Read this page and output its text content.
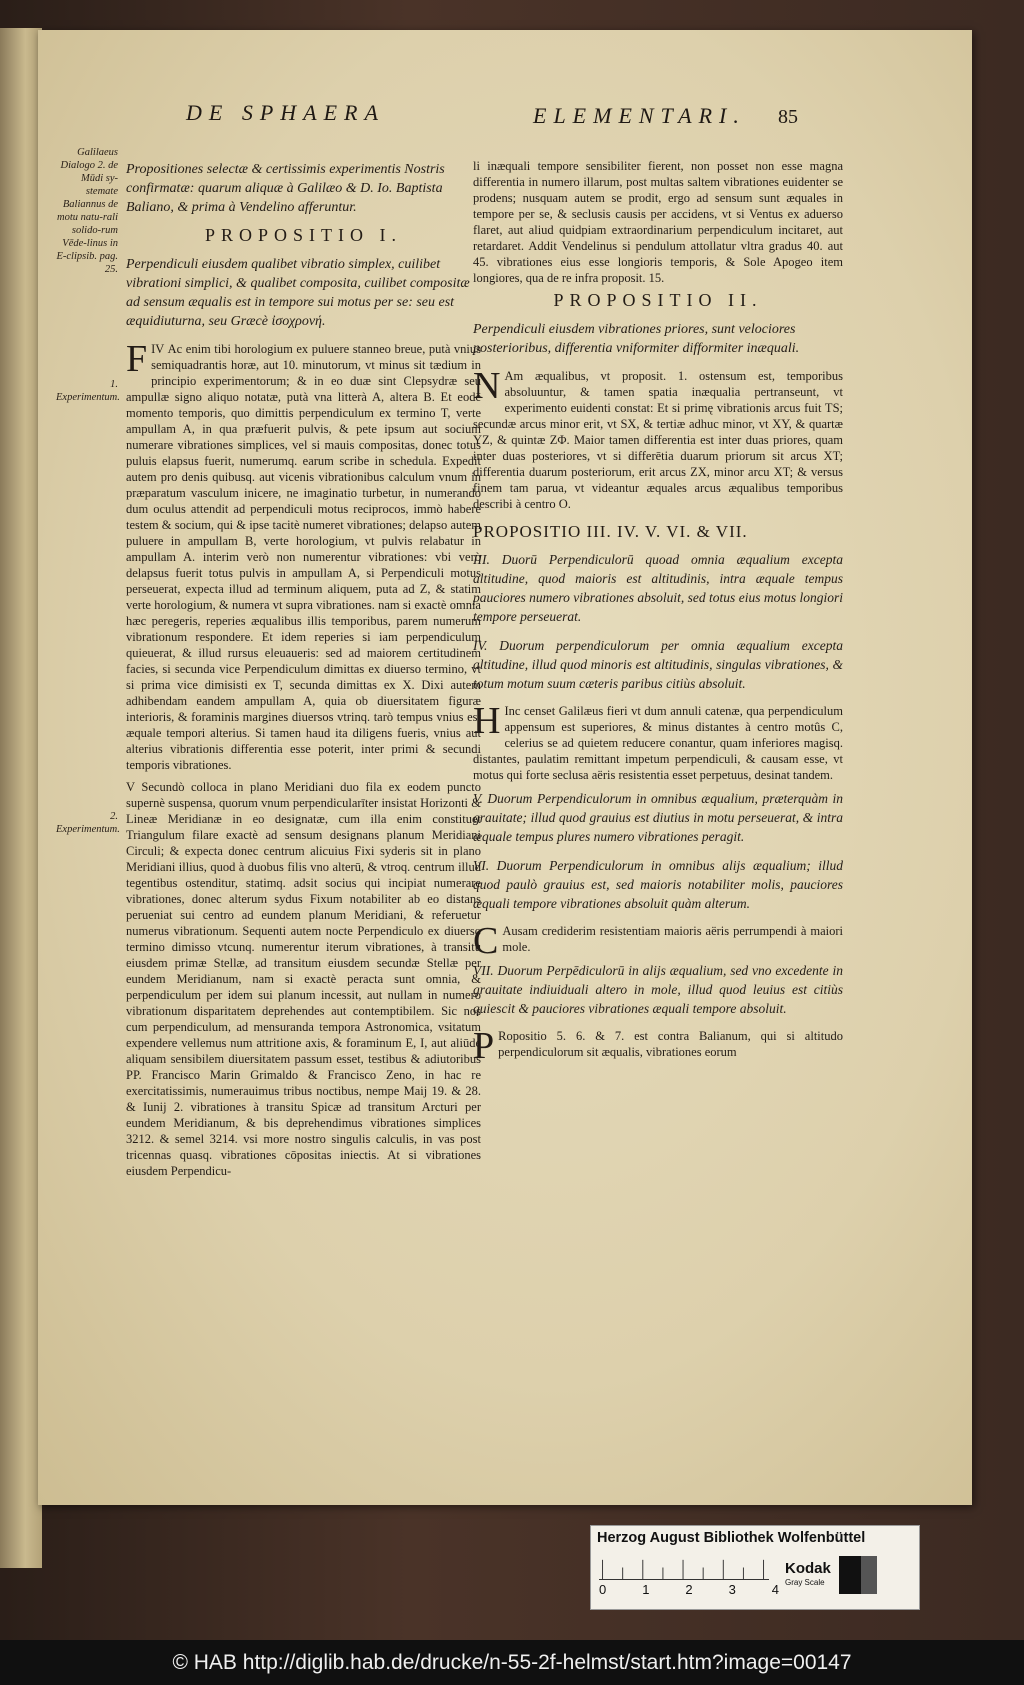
DE SPHAERA	ELEMENTARI. 85
Galilaeus Dialogo 2. de Mūdi sy-stemate Baliannus de motu natu-rali solido-rum Vēde-linus in E-clipsib. pag. 25.
1. Experimentum.
2. Experimentum.

Propositiones selectæ & certissimis experimentis Nostris confirmatæ: quarum aliquæ à Galilæo & D. Io. Baptista Baliano, & prima à Vendelino afferuntur.

PROPOSITIO I.

Perpendiculi eiusdem qualibet vibratio simplex, cuilibet vibrationi simplici, & qualibet composita, cuilibet compositæ ad sensum æqualis est in tempore sui motus per se: seu est æquidiuturna, seu Græcè ἰσοχρονή.

IV
F Ac enim tibi horologium ex puluere stanneo breue, putà vnius semiquadrantis horæ, aut 10. minutorum, vt minus sit tædium in principio experimentorum; & in eo duæ sint Clepsydræ seu ampullæ signo aliquo notatæ, putà vna litterà A, altera B. Et eodē momento temporis, quo dimittis perpendiculum ex termino T, verte ampullam A, in qua præfuerit pulvis, & pete ipsum aut socium numerare vibrationes simplices, vel si mauis compositas, donec totus puluis elapsus fuerit, numerumq. earum scribe in schedula. Expedit autem pro denis quibusq. aut vicenis vibrationibus calculum vnum in præparatum vasculum inicere, ne imaginatio turbetur, in numerando dum oculus attendit ad perpendiculi motus reciprocos, immò habere testem & socium, qui & ipse tacitè numeret vibrationes; delapso autem puluere in ampullam B, verte horologium, vt pulvis relabatur in ampullam A. interim verò non numerentur vibrationes: vbi verò delapsus fuerit totus pulvis in ampullam A, si Perpendiculi motus perseuerat, expecta illud ad terminum aliquem, puta ad Z, & statim verte horologium, & numera vt supra vibrationes. nam si exactè omnia hæc peregeris, reperies æqualibus illis temporibus, parem numerum vibrationum respondere. Et idem reperies si iam perpendiculum quieuerat, & illud rursus eleuaueris: sed ad maiorem certitudinem facies, si secunda vice Perpendiculum dimittas ex diuerso termino, vt si prima vice dimisisti ex T, secunda dimittas ex X. Dixi autem adhibendam eandem ampullam A, quia ob diuersitatem figuræ interioris, & foraminis margines diuersos vtrinq. tarò tempus vnius est æquale tempori alterius. Si tamen haud ita diligens fueris, vnius aut alterius vibrationis differentia esse poterit, inter primi & secundi temporis vibrationes.

V Secundò colloca in plano Meridiani duo fila ex eodem puncto supernè suspensa, quorum vnum perpendicularīter insistat Horizonti & Lineæ Meridianæ in eo designatæ, cum illa enim constituet Triangulum filare exactè ad sensum designans planum Meridiani Circuli; & expecta donec centrum alicuius Fixi syderis sit in plano Meridiani illius, quod à duobus filis vno alterū, & vtroq. centrum illud tegentibus ostenditur, statimq. adsit socius qui incipiat numerare vibrationes, donec alterum sydus Fixum notabiliter ab eo distans perueniat sui centro ad eundem planum Meridiani, & referuetur numerus vibrationum. Sequenti autem nocte Perpendiculo ex diuerso termino dimisso vtcunq. numerentur iterum vibrationes, à transitu eiusdem primæ Stellæ, ad transitum eiusdem secundæ Stellæ per eundem Meridianum, nam si exactè peracta sunt omnia, & perpendiculum per idem sui planum incessit, aut nullam in numero vibrationum disparitatem deprehendes aut contemptibilem. Sic nos cum perpendiculum, ad mensuranda tempora Astronomica, vsitatum expendere vellemus num attritione axis, & foraminum E, I, aut aliūde aliquam sensibilem diuersitatem passum esset, testibus & adiutoribus PP. Francisco Marin Grimaldo & Francisco Zeno, in hac re exercitatissimis, numerauimus tribus noctibus, nempe Maij 19. & 28. & Iunij 2. vibrationes à transitu Spicæ ad transitum Arcturi per eundem Meridianum, & bis deprehendimus vibrationes simplices 3212. & semel 3214. vsi more nostro singulis calculis, in vas post tricennas quasq. vibrationes cōpositas iniectis. At si vibrationes eiusdem Perpendicu-

li inæquali tempore sensibiliter fierent, non posset non esse magna differentia in numero illarum, post multas saltem vibrationes euidenter se prodens; nusquam autem se prodit, ergo ad sensum sunt æquales in tempore per se, & seclusis causis per accidens, vt si Ventus ex aduerso flaret, aut aliud quidpiam extraordinarium perpendiculum incitaret, aut retardaret. Addit Vendelinus si pendulum attollatur vltra gradus 40. aut 45. vibrationes eius esse longioris temporis, & Sole Apogeo item longiores, qua de re infra proposit. 15.

PROPOSITIO II.

Perpendiculi eiusdem vibrationes priores, sunt velociores posterioribus, differentia vniformiter difformiter inæquali.

N Am æqualibus, vt proposit. 1. ostensum est, temporibus absoluuntur, & tamen spatia inæqualia pertranseunt, vt experimento euidenti constat: Et si primę vibrationis arcus fuit TS; secundæ arcus minor erit, vt SX, & tertiæ adhuc minor, vt XY, & quartæ YZ, & quintæ ZΦ. Maior tamen differentia est inter duas priores, quam inter duas posteriores, vt si differētia duarum priorum sit arcus XT; differentia duarum posteriorum, erit arcus ZX, minor arcu XT; & versus finem tam parua, vt videantur æquales arcus æqualibus temporibus describi à centro O.

PROPOSITIO III. IV. V. VI. & VII.

III. Duorū Perpendiculorū quoad omnia æqualium excepta altitudine, quod maioris est altitudinis, intra æquale tempus pauciores numero vibrationes absoluit, sed totus eius motus longiori tempore perseuerat.

IV. Duorum perpendiculorum per omnia æqualium excepta altitudine, illud quod minoris est altitudinis, singulas vibrationes, & totum motum suum cæteris paribus citiùs absoluit.

H Inc censet Galilæus fieri vt dum annuli catenæ, qua perpendiculum appensum est superiores, & minus distantes à centro motûs C, celerius se ad quietem reducere conantur, quam inferiores magisq. distantes, paulatim remittant impetum perpendiculi, & causam esse, vt motus qui forte seclusa aëris resistentia esset perpetuus, desinat tandem.

V. Duorum Perpendiculorum in omnibus æqualium, præterquàm in grauitate; illud quod grauius est diutius in motu perseuerat, & intra æquale tempus plures numero vibrationes peragit.

VI. Duorum Perpendiculorum in omnibus alijs æqualium; illud quod paulò grauius est, sed maioris notabiliter molis, pauciores æquali tempore vibrationes absoluit quàm alterum.

C Ausam crediderim resistentiam maioris aëris perrumpendi à maiori mole.

VII. Duorum Perpēdiculorū in alijs æqualium, sed vno excedente in grauitate indiuiduali altero in mole, illud quod leuius est citiùs quiescit & pauciores vibrationes æquali tempore absoluit.

P Ropositio 5. 6. & 7. est contra Balianum, qui si altitudo perpendiculorum sit æqualis, vibrationes eorum

Herzog August Bibliothek Wolfenbüttel
0	1	2	3	4
Kodak
Gray Scale
© HAB http://diglib.hab.de/drucke/n-55-2f-helmst/start.htm?image=00147
